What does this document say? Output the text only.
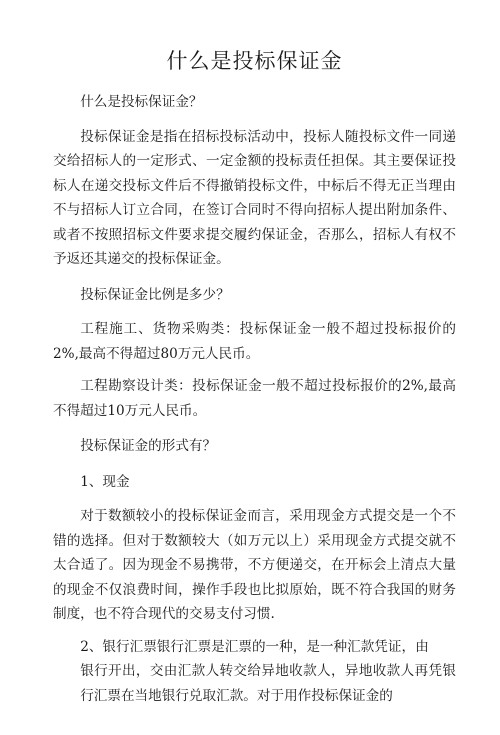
什么是投标保证金

什么是投标保证金？

投标保证金是指在招标投标活动中，投标人随投标文件一同递交给招标人的一定形式、一定金额的投标责任担保。其主要保证投标人在递交投标文件后不得撤销投标文件，中标后不得无正当理由不与招标人订立合同，在签订合同时不得向招标人提出附加条件、或者不按照招标文件要求提交履约保证金，否那么，招标人有权不予返还其递交的投标保证金。

投标保证金比例是多少？

工程施工、货物采购类：投标保证金一般不超过投标报价的2%,最高不得超过80万元人民币。

工程勘察设计类：投标保证金一般不超过投标报价的2%,最高不得超过10万元人民币。

投标保证金的形式有？

1、现金

对于数额较小的投标保证金而言，采用现金方式提交是一个不错的选择。但对于数额较大（如万元以上）采用现金方式提交就不太合适了。因为现金不易携带，不方便递交，在开标会上清点大量的现金不仅浪费时间，操作手段也比拟原始，既不符合我国的财务制度，也不符合现代的交易支付习惯.

2、银行汇票银行汇票是汇票的一种，是一种汇款凭证，由

银行开出，交由汇款人转交给异地收款人，异地收款人再凭银行汇票在当地银行兑取汇款。对于用作投标保证金的
